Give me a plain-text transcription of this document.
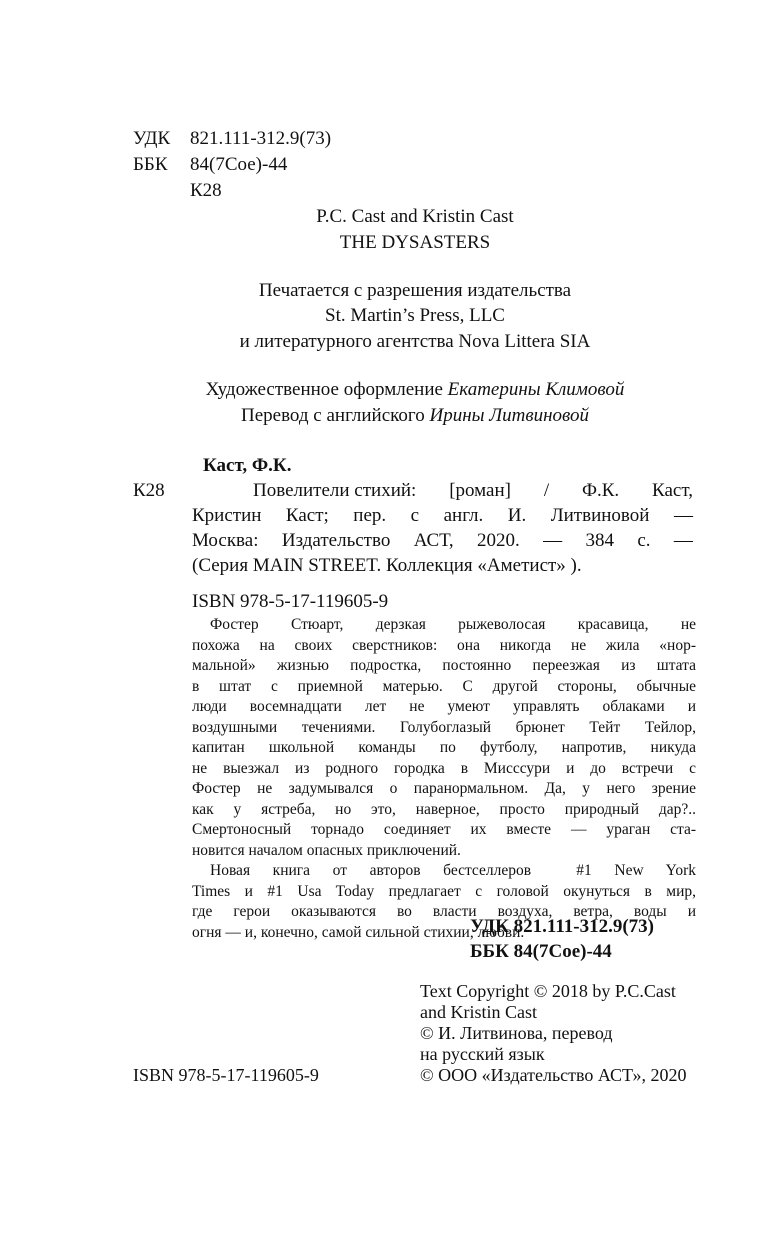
УДК 821.111-312.9(73)
ББК 84(7Сое)-44
К28
P.C. Cast and Kristin Cast
THE DYSASTERS
Печатается с разрешения издательства
St. Martin’s Press, LLC
и литературного агентства Nova Littera SIA
Художественное оформление Екатерины Климовой
Перевод с английского Ирины Литвиновой
Каст, Ф.К.
К28	Повелители стихий: [роман] / Ф.К. Каст,
Кристин Каст; пер. с англ. И. Литвиновой —
Москва: Издательство АСТ, 2020. — 384 с. —
(Серия MAIN STREET. Коллекция «Аметист» ).
ISBN 978-5-17-119605-9
Фостер Стюарт, дерзкая рыжеволосая красавица, не
похожа на своих сверстников: она никогда не жила «нор-
мальной» жизнью подростка, постоянно переезжая из штата
в штат с приемной матерью. С другой стороны, обычные
люди восемнадцати лет не умеют управлять облаками и
воздушными течениями. Голубоглазый брюнет Тейт Тейлор,
капитан школьной команды по футболу, напротив, никуда
не выезжал из родного городка в Мисссури и до встречи с
Фостер не задумывался о паранормальном. Да, у него зрение
как у ястреба, но это, наверное, просто природный дар?..
Смертоносный торнадо соединяет их вместе — ураган ста-
новится началом опасных приключений.
Новая книга от авторов бестселлеров  #1 New York
Times и #1 Usa Today предлагает с головой окунуться в мир,
где герои оказываются во власти воздуха, ветра, воды и
огня — и, конечно, самой сильной стихии, любви.
УДК 821.111-312.9(73)
ББК 84(7Сое)-44
Text Copyright © 2018 by P.C.Cast
and Kristin Cast
© И. Литвинова, перевод
на русский язык
© ООО «Издательство АСТ», 2020
ISBN 978-5-17-119605-9
